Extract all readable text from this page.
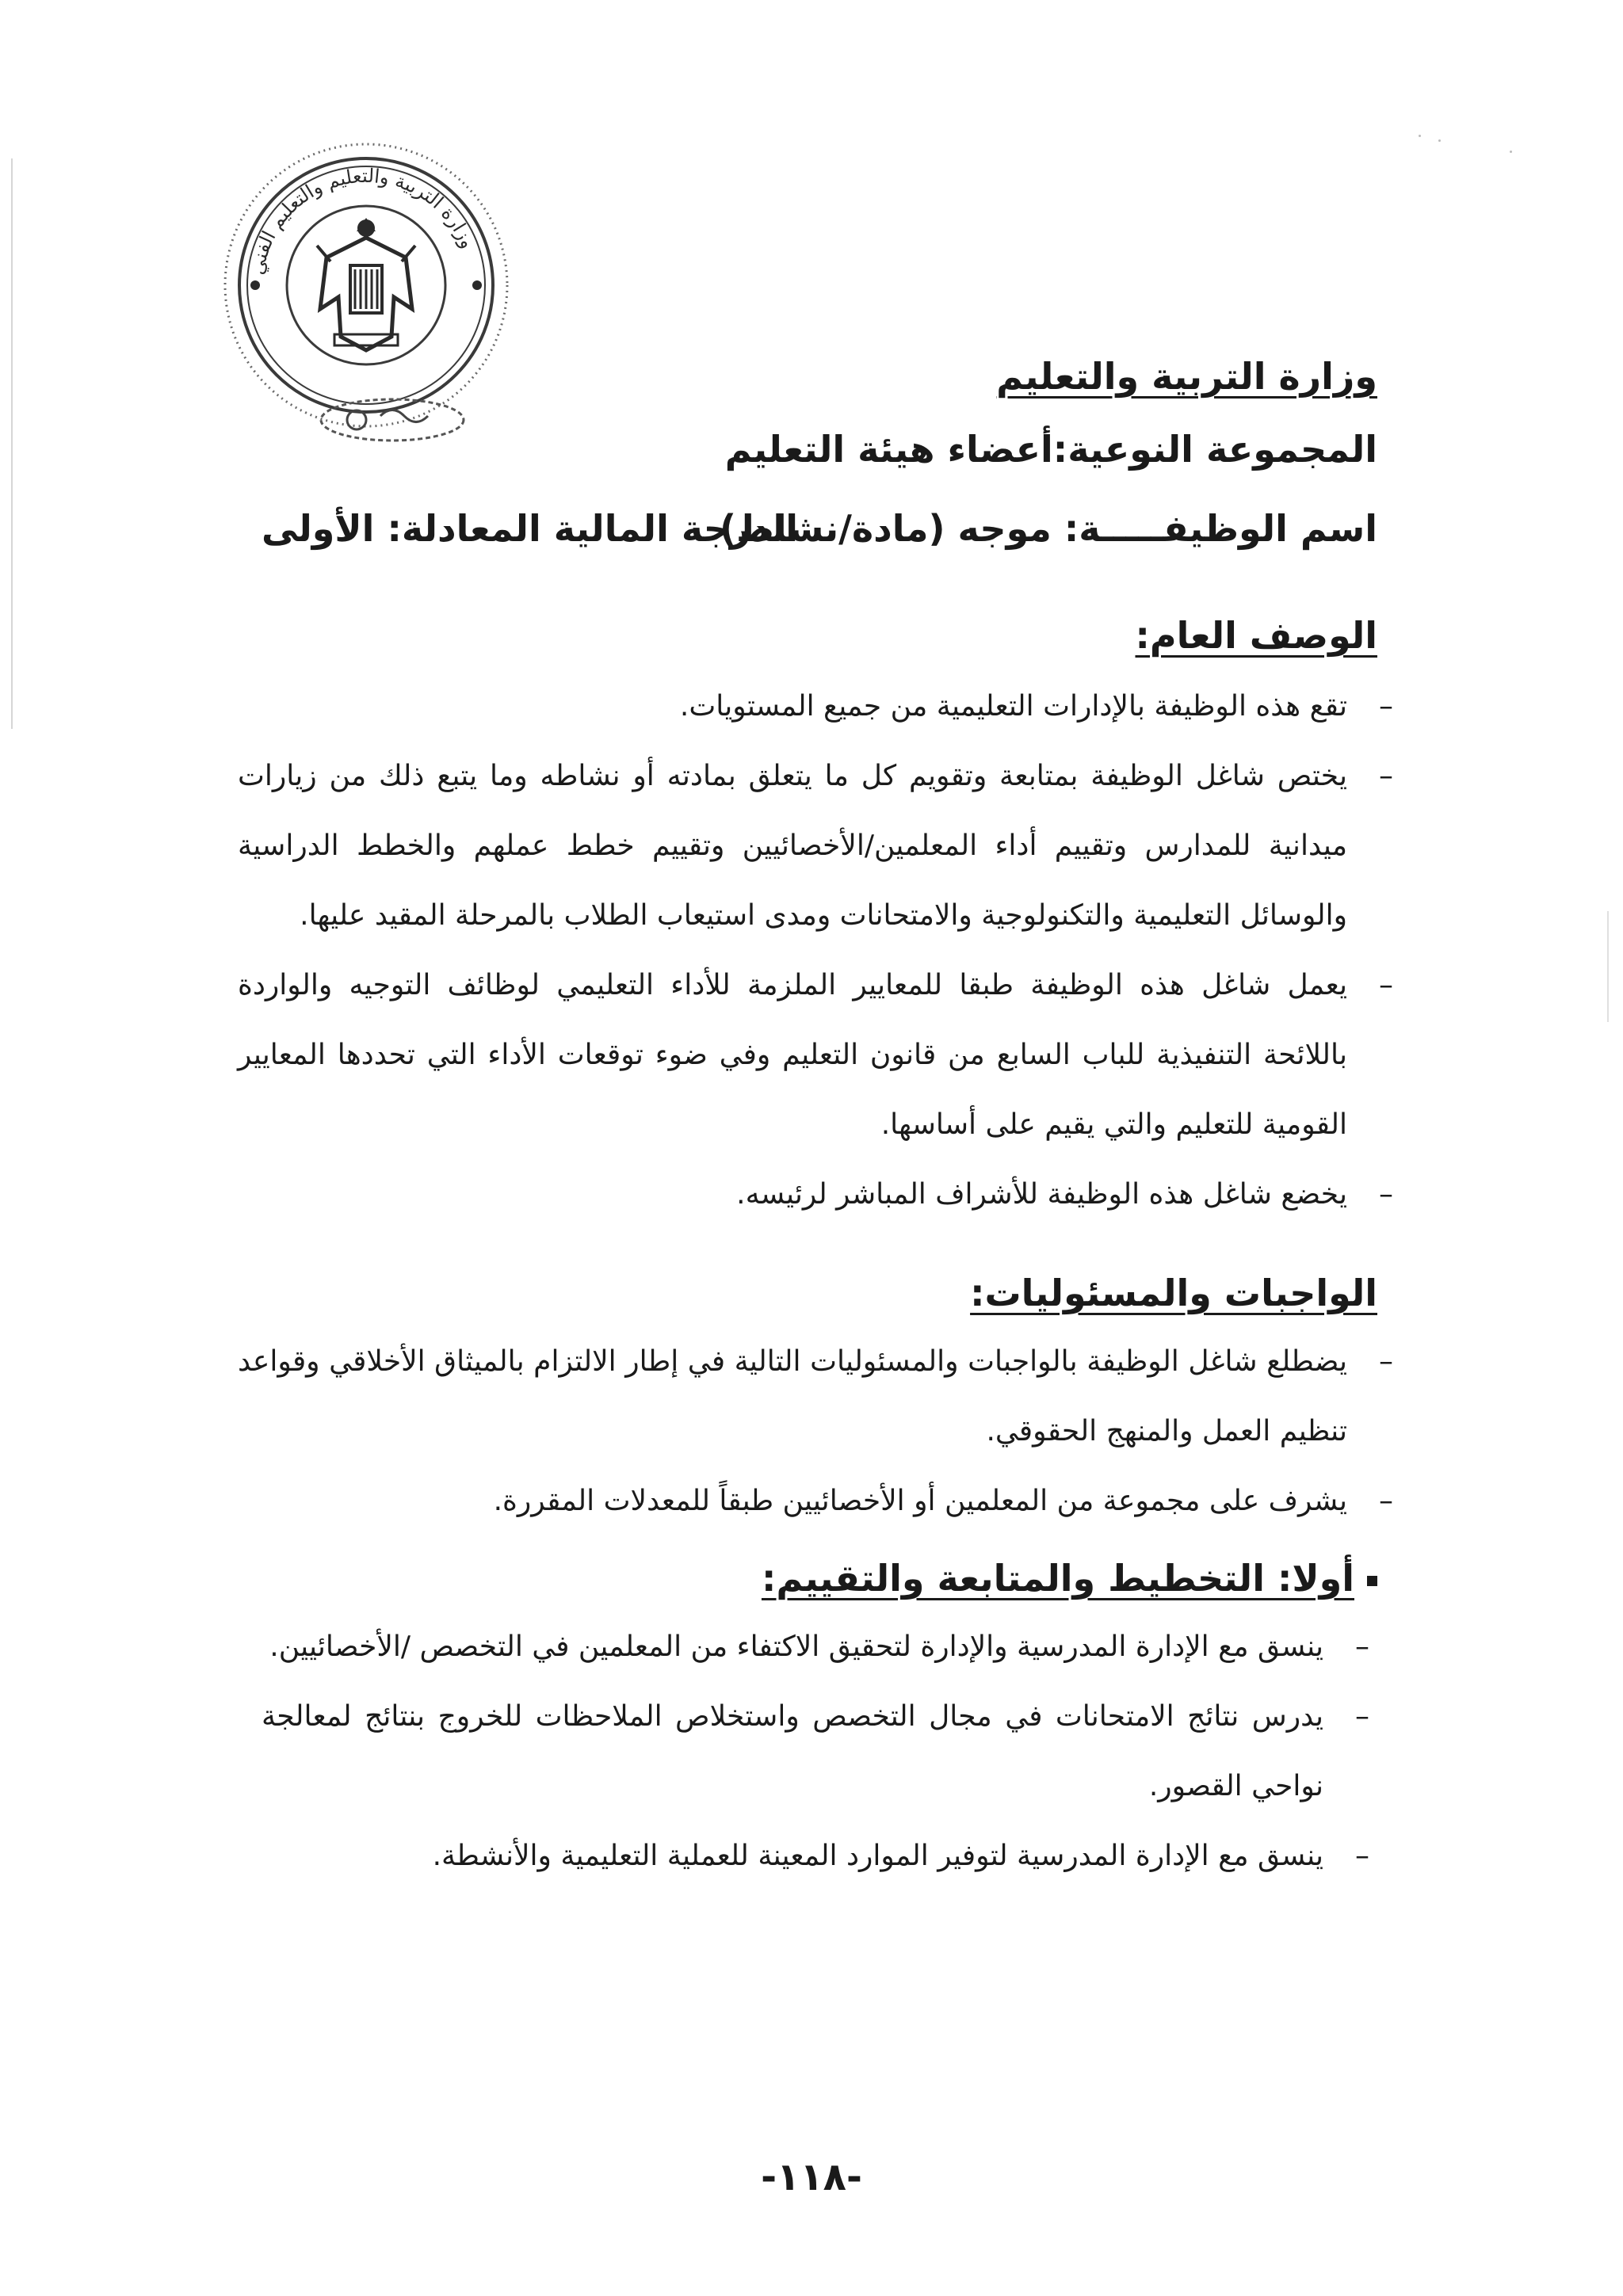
وزارة التربية والتعليم والتعليم الفني
وزارة التربية والتعليم
المجموعة النوعية:أعضاء هيئة التعليم
اسم الوظيفـــــة: موجه (مادة/نشاط)
الدرجة المالية المعادلة: الأولى
الوصف العام:
–
تقع هذه الوظيفة بالإدارات التعليمية من جميع المستويات.
–
يختص شاغل الوظيفة بمتابعة وتقويم كل ما يتعلق بمادته أو نشاطه وما يتبع ذلك من زيارات ميدانية للمدارس وتقييم أداء المعلمين/الأخصائيين وتقييم خطط عملهم والخطط الدراسية والوسائل التعليمية والتكنولوجية والامتحانات ومدى استيعاب الطلاب بالمرحلة المقيد عليها.
–
يعمل شاغل هذه الوظيفة طبقا للمعايير الملزمة للأداء التعليمي لوظائف التوجيه والواردة باللائحة التنفيذية للباب السابع من قانون التعليم وفي ضوء توقعات الأداء التي تحددها المعايير القومية للتعليم والتي يقيم على أساسها.
–
يخضع شاغل هذه الوظيفة للأشراف المباشر لرئيسه.
الواجبات والمسئوليات:
–
يضطلع شاغل الوظيفة بالواجبات والمسئوليات التالية في إطار الالتزام بالميثاق الأخلاقي وقواعد تنظيم العمل والمنهج الحقوقي.
–
يشرف على مجموعة من المعلمين أو الأخصائيين طبقاً للمعدلات المقررة.
أولا: التخطيط والمتابعة والتقييم:
–
ينسق مع الإدارة المدرسية والإدارة لتحقيق الاكتفاء من المعلمين في التخصص /الأخصائيين.
–
يدرس نتائج الامتحانات في مجال التخصص واستخلاص الملاحظات للخروج بنتائج لمعالجة نواحي القصور.
–
ينسق مع الإدارة المدرسية لتوفير الموارد المعينة للعملية التعليمية والأنشطة.
-١١٨-
